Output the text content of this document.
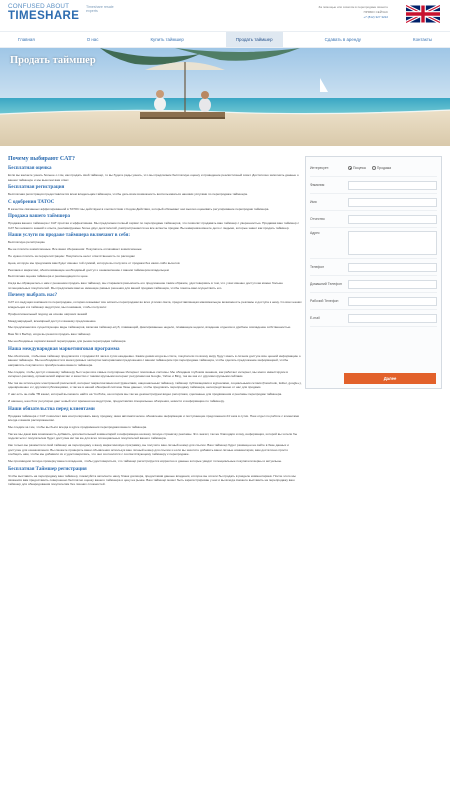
CONFUSED ABOUT
TIMESHARE
Timeshare resale experts
За помощью или советом в перепродаже звоните
ПРЯМО СЕЙЧАС
+7 (812) 327 3222
Главная	О нас	Купить таймшер	Продать таймшер	Сдавать в аренду	Контакты
Продать таймшер
Почему выбирают CAT?
Бесплатная оценка
Если вы желаете узнать больше о том, как продать свой таймшер, то вы будете рады узнать, что мы предлагаем бесплатную оценку и проведение реалистичный совет. Достаточно заполнить данные о вашем таймшере и мы вышлем вам ответ.
Бесплатная регистрация
Бесплатная регистрация предоставляется всем владельцам таймшера, чтобы дать всем возможность воспользоваться нашими услугами по перепродаже таймшера.
С одобрения TATOC
В качестве связанных аффилированной в TATOC мы действуем в соответствии с Кодом Действия, который обязывает нас высоко оценивать регулирование перепродаж таймшера.
Продажа вашего таймшера
Продажа вашего таймшера с CAT простая и эффективная. Мы предлагаем полный сервис по перепродаже таймшеров, что позволит продавать ваш таймшер с уверенностью. Продавая ваш таймшер с CAT без никакого знаний и опыта, рекламируемые более двух десятилетий, распространяется на все аспекты продаж. Вы наверняка имеете дело с людьми, которые знают как продать таймшер.
Наши услуги по продаже таймшера включают в себя:
Бесплатную регистрацию
Вы не платите комиссионные. Все ваши сбережения: Покупатель оплачивает комиссионные
Не нужно платить за перерегистрацию: Покупатель несет ответственность по расходам
Цена, которую мы предложим вам будет именно той суммой, которую вы получите от продажи без каких-либо вычетов
Реклама и маркетинг, обеспечивающие необходимый доступ к ознакомлению с вашим таймшером владельцем
Бесплатная оценка таймшера и рекомендация по цене.
Когда вы обращаетесь к нам с решением продать ваш таймшер, мы стараемся разъяснить его предложение таким образом, удостоверяясь в том, что у вас именно доступ как можно больше потенциальных покупателей. Мы предлагаем вам не имеющие равных решения для вашей продажи таймшера, чтобы помочь вам осуществить его.
Почему выбрать нас?
CAT это ведущая компания по перепродаже, которая оказывает все аспекты перепродажи во всех уголках света, предоставляющая максимальную возможность рекламы и доступа к нему. Со всех наших владельцев и в таймшер индустрии, мы понимаем, чтобы получили:
Профессиональный подход на основе широких знаний
Международный, всемирный доступ к вашему предложению
Мы предлагаем все существующие виды таймшеров, включая таймшер-клуб, плавающий, фиксированные недели, плавающие недели, владение отдыхом и дробное совладение собственностью
Ваш № 1 Выбор, когда вы решили продать ваш таймшер
Мы необходимые сервиси вашей перепродаже для рынка перепродаж таймшера
Наша международная маркетинговая программа
Мы обеспечим, чтобы ваш таймшер предлагался с продажи 24 часа в сутки ежедневно. Каким днями когда вы спите, покупатели по всему миру будут иметь в личном доступе всю ценной информацию о вашем таймшере. Мы необходимости в многоуровных экспертах материалами предложения с вашим таймшером при перепродаже таймшера, чтобы сделать предложение информацией, чтобы направлять покупателя к приобретению вашего таймшера.
Мы следим, чтобы доступ к вашему таймшеру был через все самые популярные Интернет поисковые системы. Мы обладаем глубоким знанием, как работает интернет, мы много инвестируем в интернет-рекламу, органический маркетинг и качество с такими крупными интернет ресурсами как Google, Yahoo и Bing, так же как и с другими крупными сайтами.
Мы так же используем электронной рассылкой, интернет маркетинговым инструментами, национальным таймшер, таймшер публикациями и журналами, социальными сетями (Facebook, twitter, google+), одновременно и с другими публикациями, и так же в нашей обширной системе базы данных, чтобы предлагать перепродажу таймшера, непосредственно от нас для продажи.
У нас есть он-лайн ТВ канал, который вы можете найти на YouTube, на котором мы так же демонстрируем видео репортажи, сделанные для продвижения и рекламы перепродаж таймшера.
И наконец, наш блог регулярно дает новый этот времени на индустрию, предоставляя специальные обзорения, новости и информацию по таймшеру.
Наши обязательства перед клиентами
Продажа таймшера с CAT позволяет вам контролировать вашу продажу, имея автоматическое обновление информации и поступающие предложения 24 часа в сутки. Наш отдел по работе с клиентами всегда к вашим распоряжениям.
Мы следим за тем, чтобы вы были всегда в курсе продвижения перепродажи вашего таймшера.
Так же мы даем вам возможность добавить дополнительный комментарий и информацию на вашу личную страничку рекламы. Это значит, так же благодаря этому, информация, которой вы хотели бы поделиться с покупателем будет доступна им так же для всех потенциальных покупателей вашего таймшера.
Как только вы разместили свой таймшер на перепродажу о вашу маркетинговую программу, вы получите ваш личный номер для ссылок. Ваш таймшер будет размещен на сайте в базе данных и доступен для ознакомления. Вы сможете проверить ваши объявления используя ваш личный номер для ссылок и если вы захотите добавить ваши личные комментарии, вам достаточно просто сообщить нам, чтобы мы добавили их и удостоверились, что они соотносятся с соответствующему таймшеру к перепродаже.
Мы производим полную проверку вашего владения, чтобы удостовериться, что таймшер регистрируется корректно и данные которые увидят потенциальные покупатели верны и актуальны.
Бесплатная Таймшер регистрация
Чтобы выставить на перепродажу ваш таймшер, пожалуйста заполните нашу бланк договора, предоставив данные владения, которое вы хотели бы продать в разделе комментариев. После этого мы свяжемся вам предоставить совершенно бесплатно оценку вашего таймшера и цену на рынке. Ваш таймшер может быть зарегистрирован у нас и вы всегда сможете выставить на перепродажу ваш таймшер для обнародования покупателям без лишних сложностей.
Интересует:	Покупка	Продажа
Фамилия
Имя
Отчество
Адрес
Телефон
Домашний Телефон
Рабочий Телефон
E-mail
Далее
